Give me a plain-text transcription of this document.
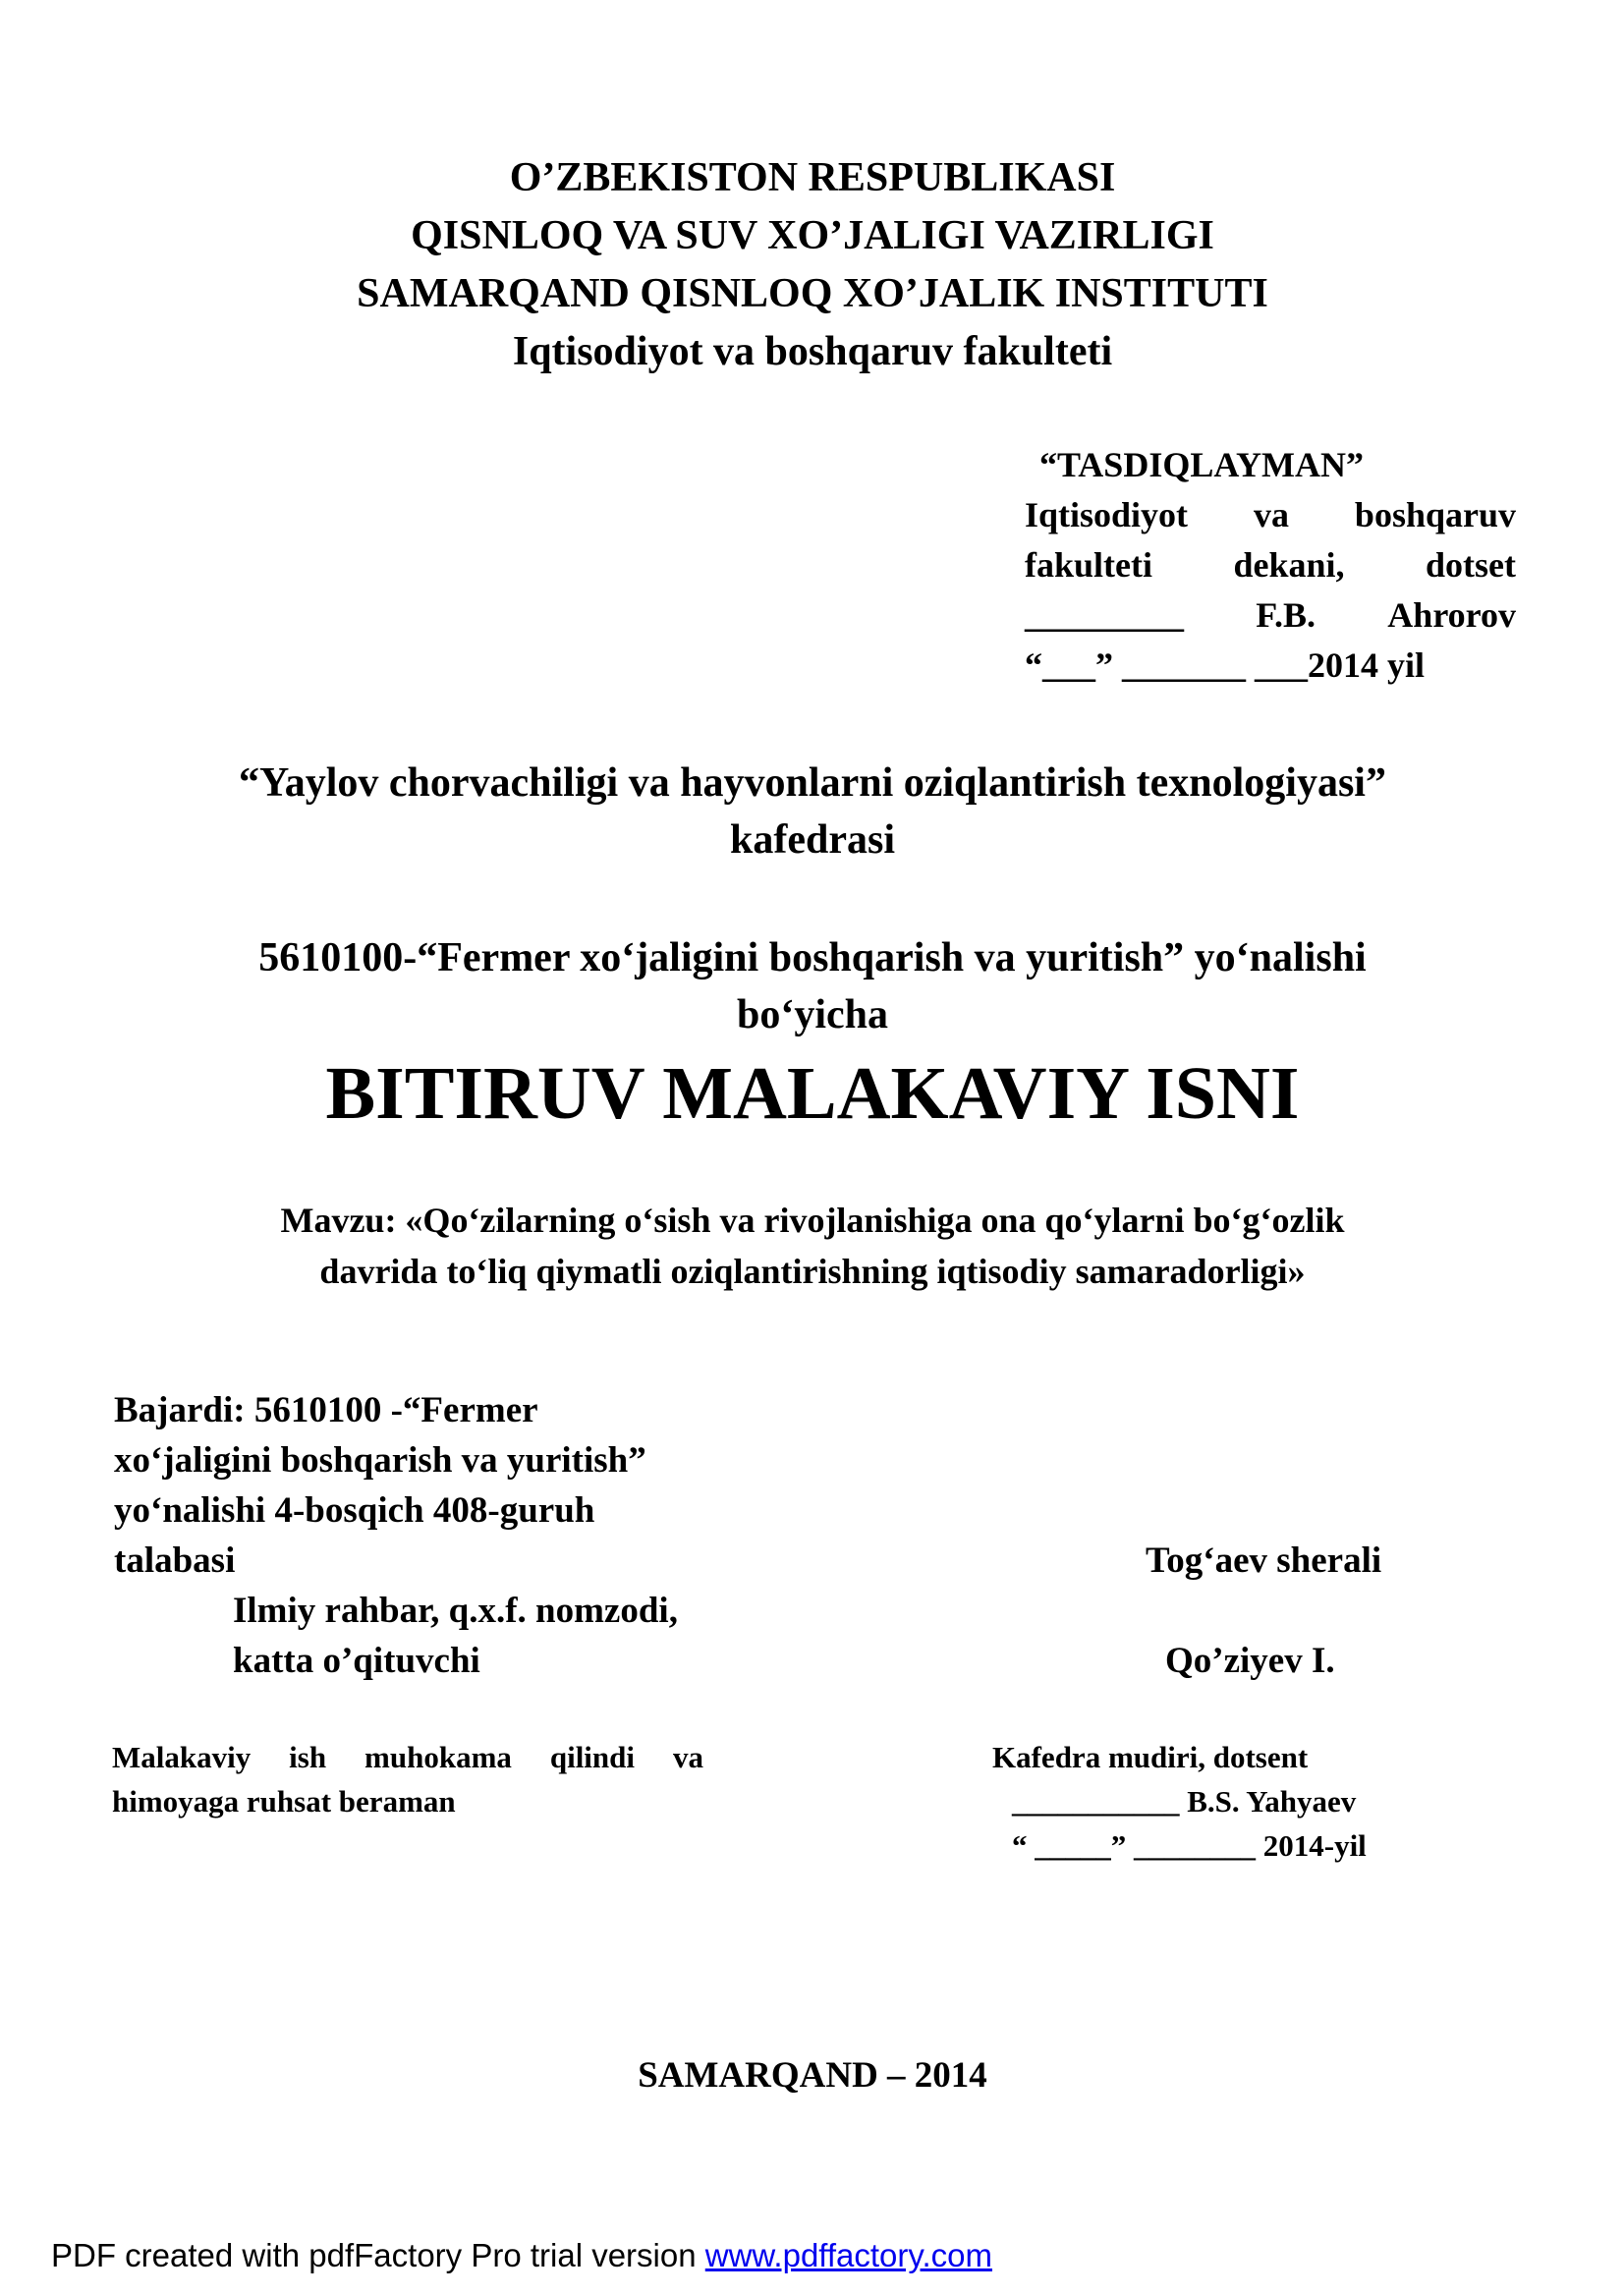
O’ZBEKISTON RESPUBLIKASI
QISNLOQ VA SUV XO’JALIGI VAZIRLIGI
SAMARQAND QISNLOQ XO’JALIK INSTITUTI
Iqtisodiyot va boshqaruv fakulteti
“TASDIQLAYMAN”
Iqtisodiyot va boshqaruv
fakulteti dekani, dotset
_________ F.B. Ahrorov
“___” _______ ___2014 yil
“Yaylov chorvachiligi va hayvonlarni oziqlantirish texnologiyasi”
kafedrasi
5610100-“Fermer xo‘jaligini boshqarish va yuritish” yo‘nalishi
bo‘yicha
BITIRUV MALAKAVIY ISNI
Mavzu: «Qo‘zilarning o‘sish va rivojlanishiga ona qo‘ylarni bo‘g‘ozlik
davrida to‘liq qiymatli oziqlantirishning iqtisodiy samaradorligi»
Bajardi: 5610100 -“Fermer
xo‘jaligini boshqarish va yuritish”
yo‘nalishi 4-bosqich 408-guruh
talabasi	Tog‘aev sherali
Ilmiy rahbar, q.x.f. nomzodi,
katta o’qituvchi	Qo’ziyev I.
Malakaviy ish muhokama qilindi va
himoyaga ruhsat beraman
Kafedra mudiri, dotsent
___________ B.S. Yahyaev
“ _____” ________ 2014-yil
SAMARQAND – 2014
PDF created with pdfFactory Pro trial version www.pdffactory.com
